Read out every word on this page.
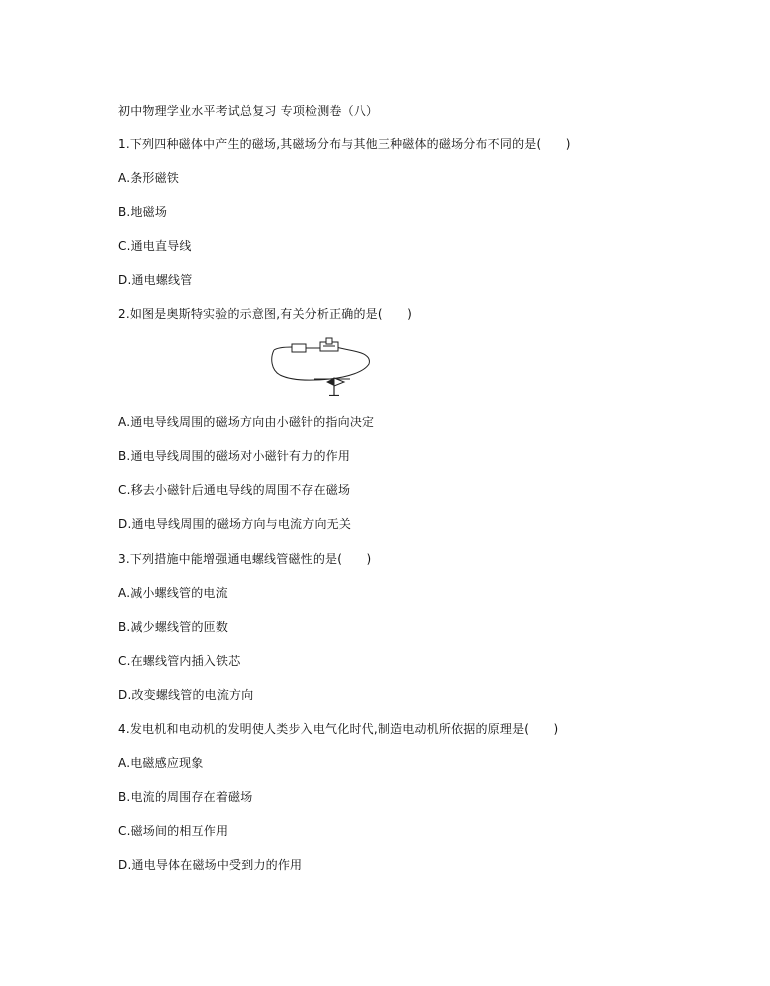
初中物理学业水平考试总复习 专项检测卷（八）
1.下列四种磁体中产生的磁场,其磁场分布与其他三种磁体的磁场分布不同的是(　　)
A.条形磁铁
B.地磁场
C.通电直导线
D.通电螺线管
2.如图是奥斯特实验的示意图,有关分析正确的是(　　)
A.通电导线周围的磁场方向由小磁针的指向决定
B.通电导线周围的磁场对小磁针有力的作用
C.移去小磁针后通电导线的周围不存在磁场
D.通电导线周围的磁场方向与电流方向无关
3.下列措施中能增强通电螺线管磁性的是(　　)
A.减小螺线管的电流
B.减少螺线管的匝数
C.在螺线管内插入铁芯
D.改变螺线管的电流方向
4.发电机和电动机的发明使人类步入电气化时代,制造电动机所依据的原理是(　　)
A.电磁感应现象
B.电流的周围存在着磁场
C.磁场间的相互作用
D.通电导体在磁场中受到力的作用
